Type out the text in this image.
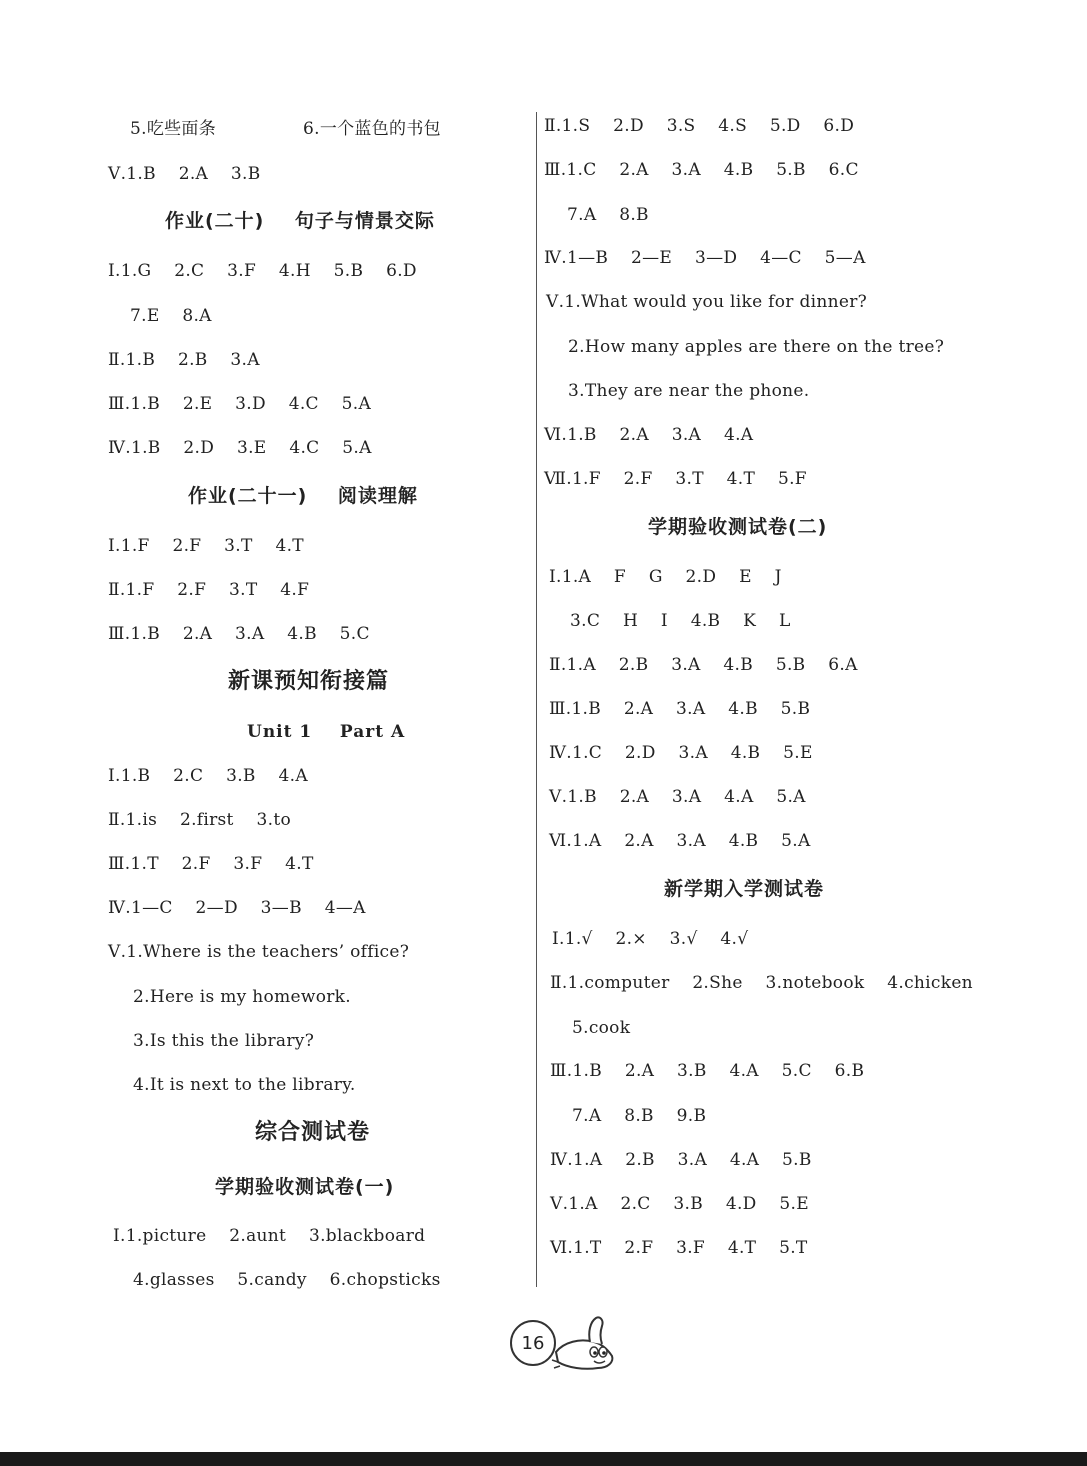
5.吃些面条	6.一个蓝色的书包
Ⅴ.1.B    2.A    3.B
作业(二十)    句子与情景交际
Ⅰ.1.G    2.C    3.F    4.H    5.B    6.D
7.E    8.A
Ⅱ.1.B    2.B    3.A
Ⅲ.1.B    2.E    3.D    4.C    5.A
Ⅳ.1.B    2.D    3.E    4.C    5.A
作业(二十一)    阅读理解
Ⅰ.1.F    2.F    3.T    4.T
Ⅱ.1.F    2.F    3.T    4.F
Ⅲ.1.B    2.A    3.A    4.B    5.C
新课预知衔接篇
Unit 1    Part A
Ⅰ.1.B    2.C    3.B    4.A
Ⅱ.1.is    2.first    3.to
Ⅲ.1.T    2.F    3.F    4.T
Ⅳ.1—C    2—D    3—B    4—A
Ⅴ.1.Where is the teachers’ office?
2.Here is my homework.
3.Is this the library?
4.It is next to the library.
综合测试卷
学期验收测试卷(一)
Ⅰ.1.picture    2.aunt    3.blackboard
4.glasses    5.candy    6.chopsticks
Ⅱ.1.S    2.D    3.S    4.S    5.D    6.D
Ⅲ.1.C    2.A    3.A    4.B    5.B    6.C
7.A    8.B
Ⅳ.1—B    2—E    3—D    4—C    5—A
Ⅴ.1.What would you like for dinner?
2.How many apples are there on the tree?
3.They are near the phone.
Ⅵ.1.B    2.A    3.A    4.A
Ⅶ.1.F    2.F    3.T    4.T    5.F
学期验收测试卷(二)
Ⅰ.1.A    F    G    2.D    E    J
3.C    H    I    4.B    K    L
Ⅱ.1.A    2.B    3.A    4.B    5.B    6.A
Ⅲ.1.B    2.A    3.A    4.B    5.B
Ⅳ.1.C    2.D    3.A    4.B    5.E
Ⅴ.1.B    2.A    3.A    4.A    5.A
Ⅵ.1.A    2.A    3.A    4.B    5.A
新学期入学测试卷
Ⅰ.1.√    2.×    3.√    4.√
Ⅱ.1.computer    2.She    3.notebook    4.chicken
5.cook
Ⅲ.1.B    2.A    3.B    4.A    5.C    6.B
7.A    8.B    9.B
Ⅳ.1.A    2.B    3.A    4.A    5.B
Ⅴ.1.A    2.C    3.B    4.D    5.E
Ⅵ.1.T    2.F    3.F    4.T    5.T
16
